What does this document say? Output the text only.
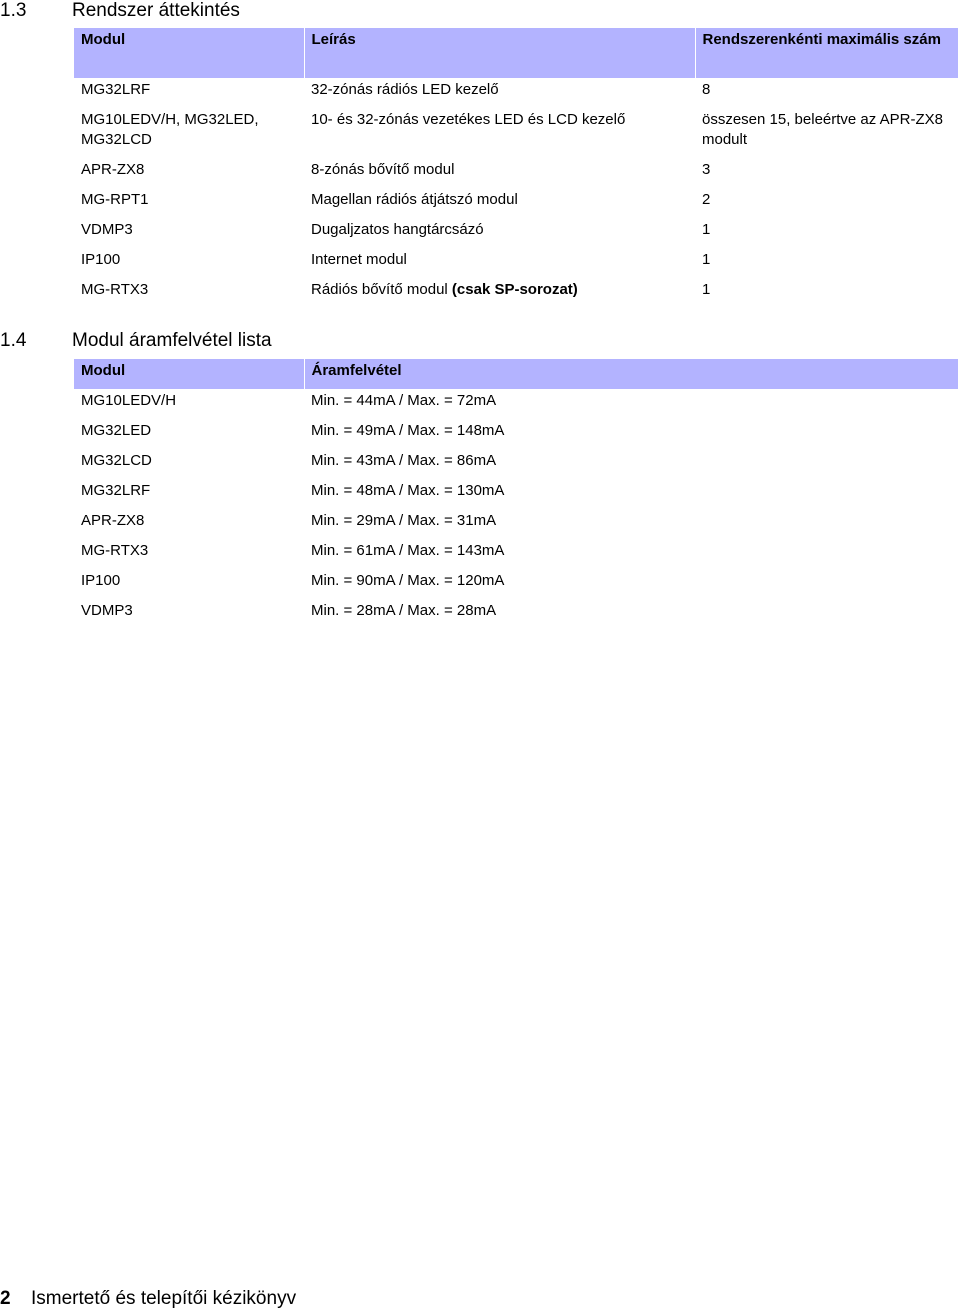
1.3 Rendszer áttekintés
Modul	Leírás	Rendszerenkénti maximális szám
MG32LRF	32-zónás rádiós LED kezelő	8
MG10LEDV/H, MG32LED, MG32LCD	10- és 32-zónás vezetékes LED és LCD kezelő	összesen 15, beleértve az APR-ZX8 modult
APR-ZX8	8-zónás bővítő modul	3
MG-RPT1	Magellan rádiós átjátszó modul	2
VDMP3	Dugaljzatos hangtárcsázó	1
IP100	Internet modul	1
MG-RTX3	Rádiós bővítő modul (csak SP-sorozat)	1
1.4 Modul áramfelvétel lista
Modul	Áramfelvétel
MG10LEDV/H	Min. = 44mA / Max. = 72mA
MG32LED	Min. = 49mA / Max. = 148mA
MG32LCD	Min. = 43mA / Max. = 86mA
MG32LRF	Min. = 48mA / Max. = 130mA
APR-ZX8	Min. = 29mA / Max. = 31mA
MG-RTX3	Min. = 61mA / Max. = 143mA
IP100	Min. = 90mA / Max. = 120mA
VDMP3	Min. = 28mA / Max. = 28mA
2 Ismertető és telepítői kézikönyv
